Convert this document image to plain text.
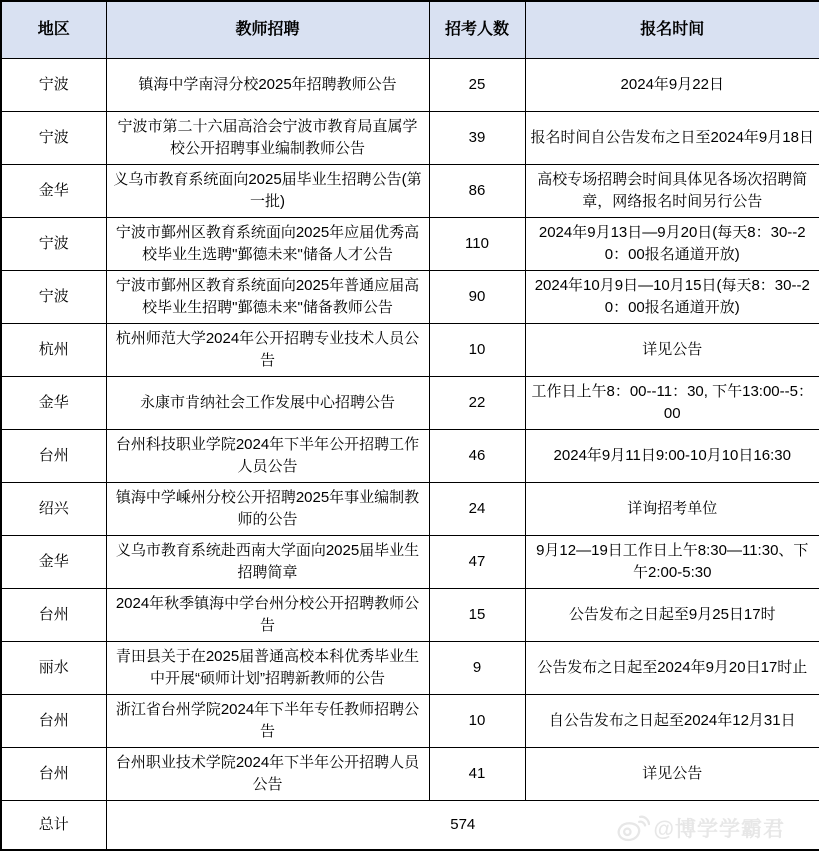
地区	教师招聘	招考人数	报名时间
宁波	镇海中学南浔分校2025年招聘教师公告	25	2024年9月22日
宁波	宁波市第二十六届高洽会宁波市教育局直属学校公开招聘事业编制教师公告	39	报名时间自公告发布之日至2024年9月18日
金华	义乌市教育系统面向2025届毕业生招聘公告(第一批)	86	高校专场招聘会时间具体见各场次招聘简章，网络报名时间另行公告
宁波	宁波市鄞州区教育系统面向2025年应届优秀高校毕业生选聘"鄞德未来"储备人才公告	110	2024年9月13日—9月20日(每天8：30--20：00报名通道开放)
宁波	宁波市鄞州区教育系统面向2025年普通应届高校毕业生招聘"鄞德未来"储备教师公告	90	2024年10月9日—10月15日(每天8：30--20：00报名通道开放)
杭州	杭州师范大学2024年公开招聘专业技术人员公告	10	详见公告
金华	永康市肯纳社会工作发展中心招聘公告	22	工作日上午8：00--11：30, 下午13:00--5：00
台州	台州科技职业学院2024年下半年公开招聘工作人员公告	46	2024年9月11日9:00-10月10日16:30
绍兴	镇海中学嵊州分校公开招聘2025年事业编制教师的公告	24	详询招考单位
金华	义乌市教育系统赴西南大学面向2025届毕业生招聘简章	47	9月12—19日工作日上午8:30—11:30、下午2:00-5:30
台州	2024年秋季镇海中学台州分校公开招聘教师公告	15	公告发布之日起至9月25日17时
丽水	青田县关于在2025届普通高校本科优秀毕业生中开展“硕师计划”招聘新教师的公告	9	公告发布之日起至2024年9月20日17时止
台州	浙江省台州学院2024年下半年专任教师招聘公告	10	自公告发布之日起至2024年12月31日
台州	台州职业技术学院2024年下半年公开招聘人员公告	41	详见公告
总计	574			@博学学霸君
